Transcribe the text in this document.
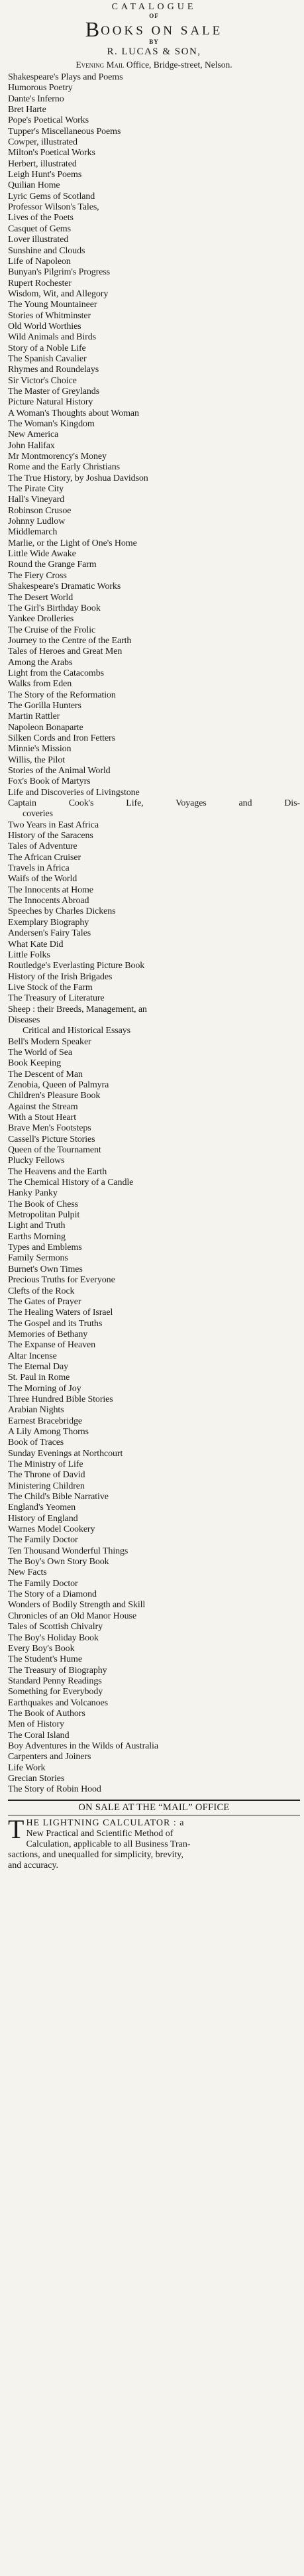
CATALOGUE
OF
BOOKS ON SALE
BY
R. LUCAS & SON,
Evening Mail Office, Bridge-street, Nelson.
Shakespeare's Plays and Poems
Humorous Poetry
Dante's Inferno
Bret Harte
Pope's Poetical Works
Tupper's Miscellaneous Poems
Cowper, illustrated
Milton's Poetical Works
Herbert, illustrated
Leigh Hunt's Poems
Quilian Home
Lyric Gems of Scotland
Professor Wilson's Tales,
Lives of the Poets
Casquet of Gems
Lover illustrated
Sunshine and Clouds
Life of Napoleon
Bunyan's Pilgrim's Progress
Rupert Rochester
Wisdom, Wit, and Allegory
The Young Mountaineer
Stories of Whitminster
Old World Worthies
Wild Animals and Birds
Story of a Noble Life
The Spanish Cavalier
Rhymes and Roundelays
Sir Victor's Choice
The Master of Greylands
Picture Natural History
A Woman's Thoughts about Woman
The Woman's Kingdom
New America
John Halifax
Mr Montmorency's Money
Rome and the Early Christians
The True History, by Joshua Davidson
The Pirate City
Hall's Vineyard
Robinson Crusoe
Johnny Ludlow
Middlemarch
Marlie, or the Light of One's Home
Little Wide Awake
Round the Grange Farm
The Fiery Cross
Shakespeare's Dramatic Works
The Desert World
The Girl's Birthday Book
Yankee Drolleries
The Cruise of the Frolic
Journey to the Centre of the Earth
Tales of Heroes and Great Men
Among the Arabs
Light from the Catacombs
Walks from Eden
The Story of the Reformation
The Gorilla Hunters
Martin Rattler
Napoleon Bonaparte
Silken Cords and Iron Fetters
Minnie's Mission
Willis, the Pilot
Stories of the Animal World
Fox's Book of Martyrs
Life and Discoveries of Livingstone
Captain Cook's Life, Voyages and Dis-
coveries
Two Years in East Africa
History of the Saracens
Tales of Adventure
The African Cruiser
Travels in Africa
Waifs of the World
The Innocents at Home
The Innocents Abroad
Speeches by Charles Dickens
Exemplary Biography
Andersen's Fairy Tales
What Kate Did
Little Folks
Routledge's Everlasting Picture Book
History of the Irish Brigades
Live Stock of the Farm
The Treasury of Literature
Sheep : their Breeds, Management, an
Diseases
Critical and Historical Essays
Bell's Modern Speaker
The World of Sea
Book Keeping
The Descent of Man
Zenobia, Queen of Palmyra
Children's Pleasure Book
Against the Stream
With a Stout Heart
Brave Men's Footsteps
Cassell's Picture Stories
Queen of the Tournament
Plucky Fellows
The Heavens and the Earth
The Chemical History of a Candle
Hanky Panky
The Book of Chess
Metropolitan Pulpit
Light and Truth
Earths Morning
Types and Emblems
Family Sermons
Burnet's Own Times
Precious Truths for Everyone
Clefts of the Rock
The Gates of Prayer
The Healing Waters of Israel
The Gospel and its Truths
Memories of Bethany
The Expanse of Heaven
Altar Incense
The Eternal Day
St. Paul in Rome
The Morning of Joy
Three Hundred Bible Stories
Arabian Nights
Earnest Bracebridge
A Lily Among Thorns
Book of Traces
Sunday Evenings at Northcourt
The Ministry of Life
The Throne of David
Ministering Children
The Child's Bible Narrative
England's Yeomen
History of England
Warnes Model Cookery
The Family Doctor
Ten Thousand Wonderful Things
The Boy's Own Story Book
New Facts
The Family Doctor
The Story of a Diamond
Wonders of Bodily Strength and Skill
Chronicles of an Old Manor House
Tales of Scottish Chivalry
The Boy's Holiday Book
Every Boy's Book
The Student's Hume
The Treasury of Biography
Standard Penny Readings
Something for Everybody
Earthquakes and Volcanoes
The Book of Authors
Men of History
The Coral Island
Boy Adventures in the Wilds of Australia
Carpenters and Joiners
Life Work
Grecian Stories
The Story of Robin Hood
ON SALE AT THE “MAIL” OFFICE
T HE LIGHTNING CALCULATOR : a
New Practical and Scientific Method of
Calculation, applicable to all Business Tran-
sactions, and unequalled for simplicity, brevity,
and accuracy.
